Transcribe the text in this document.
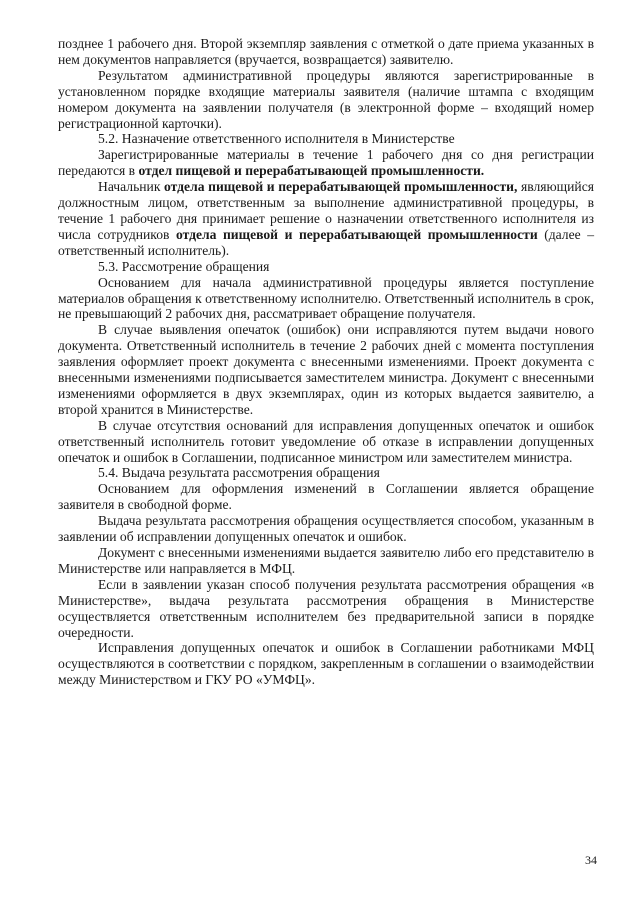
позднее 1 рабочего дня. Второй экземпляр заявления с отметкой о дате приема указанных в нем документов направляется (вручается, возвращается) заявителю.

Результатом административной процедуры являются зарегистрированные в установленном порядке входящие материалы заявителя (наличие штампа с входящим номером документа на заявлении получателя (в электронной форме – входящий номер регистрационной карточки).

5.2. Назначение ответственного исполнителя в Министерстве

Зарегистрированные материалы в течение 1 рабочего дня со дня регистрации передаются в отдел пищевой и перерабатывающей промышленности.

Начальник отдела пищевой и перерабатывающей промышленности, являющийся должностным лицом, ответственным за выполнение административной процедуры, в течение 1 рабочего дня принимает решение о назначении ответственного исполнителя из числа сотрудников отдела пищевой и перерабатывающей промышленности (далее – ответственный исполнитель).

5.3. Рассмотрение обращения

Основанием для начала административной процедуры является поступление материалов обращения к ответственному исполнителю. Ответственный исполнитель в срок, не превышающий 2 рабочих дня, рассматривает обращение получателя.

В случае выявления опечаток (ошибок) они исправляются путем выдачи нового документа. Ответственный исполнитель в течение 2 рабочих дней с момента поступления заявления оформляет проект документа с внесенными изменениями. Проект документа с внесенными изменениями подписывается заместителем министра. Документ с внесенными изменениями оформляется в двух экземплярах, один из которых выдается заявителю, а второй хранится в Министерстве.

В случае отсутствия оснований для исправления допущенных опечаток и ошибок ответственный исполнитель готовит уведомление об отказе в исправлении допущенных опечаток и ошибок в Соглашении, подписанное министром или заместителем министра.

5.4. Выдача результата рассмотрения обращения

Основанием для оформления изменений в Соглашении является обращение заявителя в свободной форме.

Выдача результата рассмотрения обращения осуществляется способом, указанным в заявлении об исправлении допущенных опечаток и ошибок.

Документ с внесенными изменениями выдается заявителю либо его представителю в Министерстве или направляется в МФЦ.

Если в заявлении указан способ получения результата рассмотрения обращения «в Министерстве», выдача результата рассмотрения обращения в Министерстве осуществляется ответственным исполнителем без предварительной записи в порядке очередности.

Исправления допущенных опечаток и ошибок в Соглашении работниками МФЦ осуществляются в соответствии с порядком, закрепленным в соглашении о взаимодействии между Министерством и ГКУ РО «УМФЦ».

34
